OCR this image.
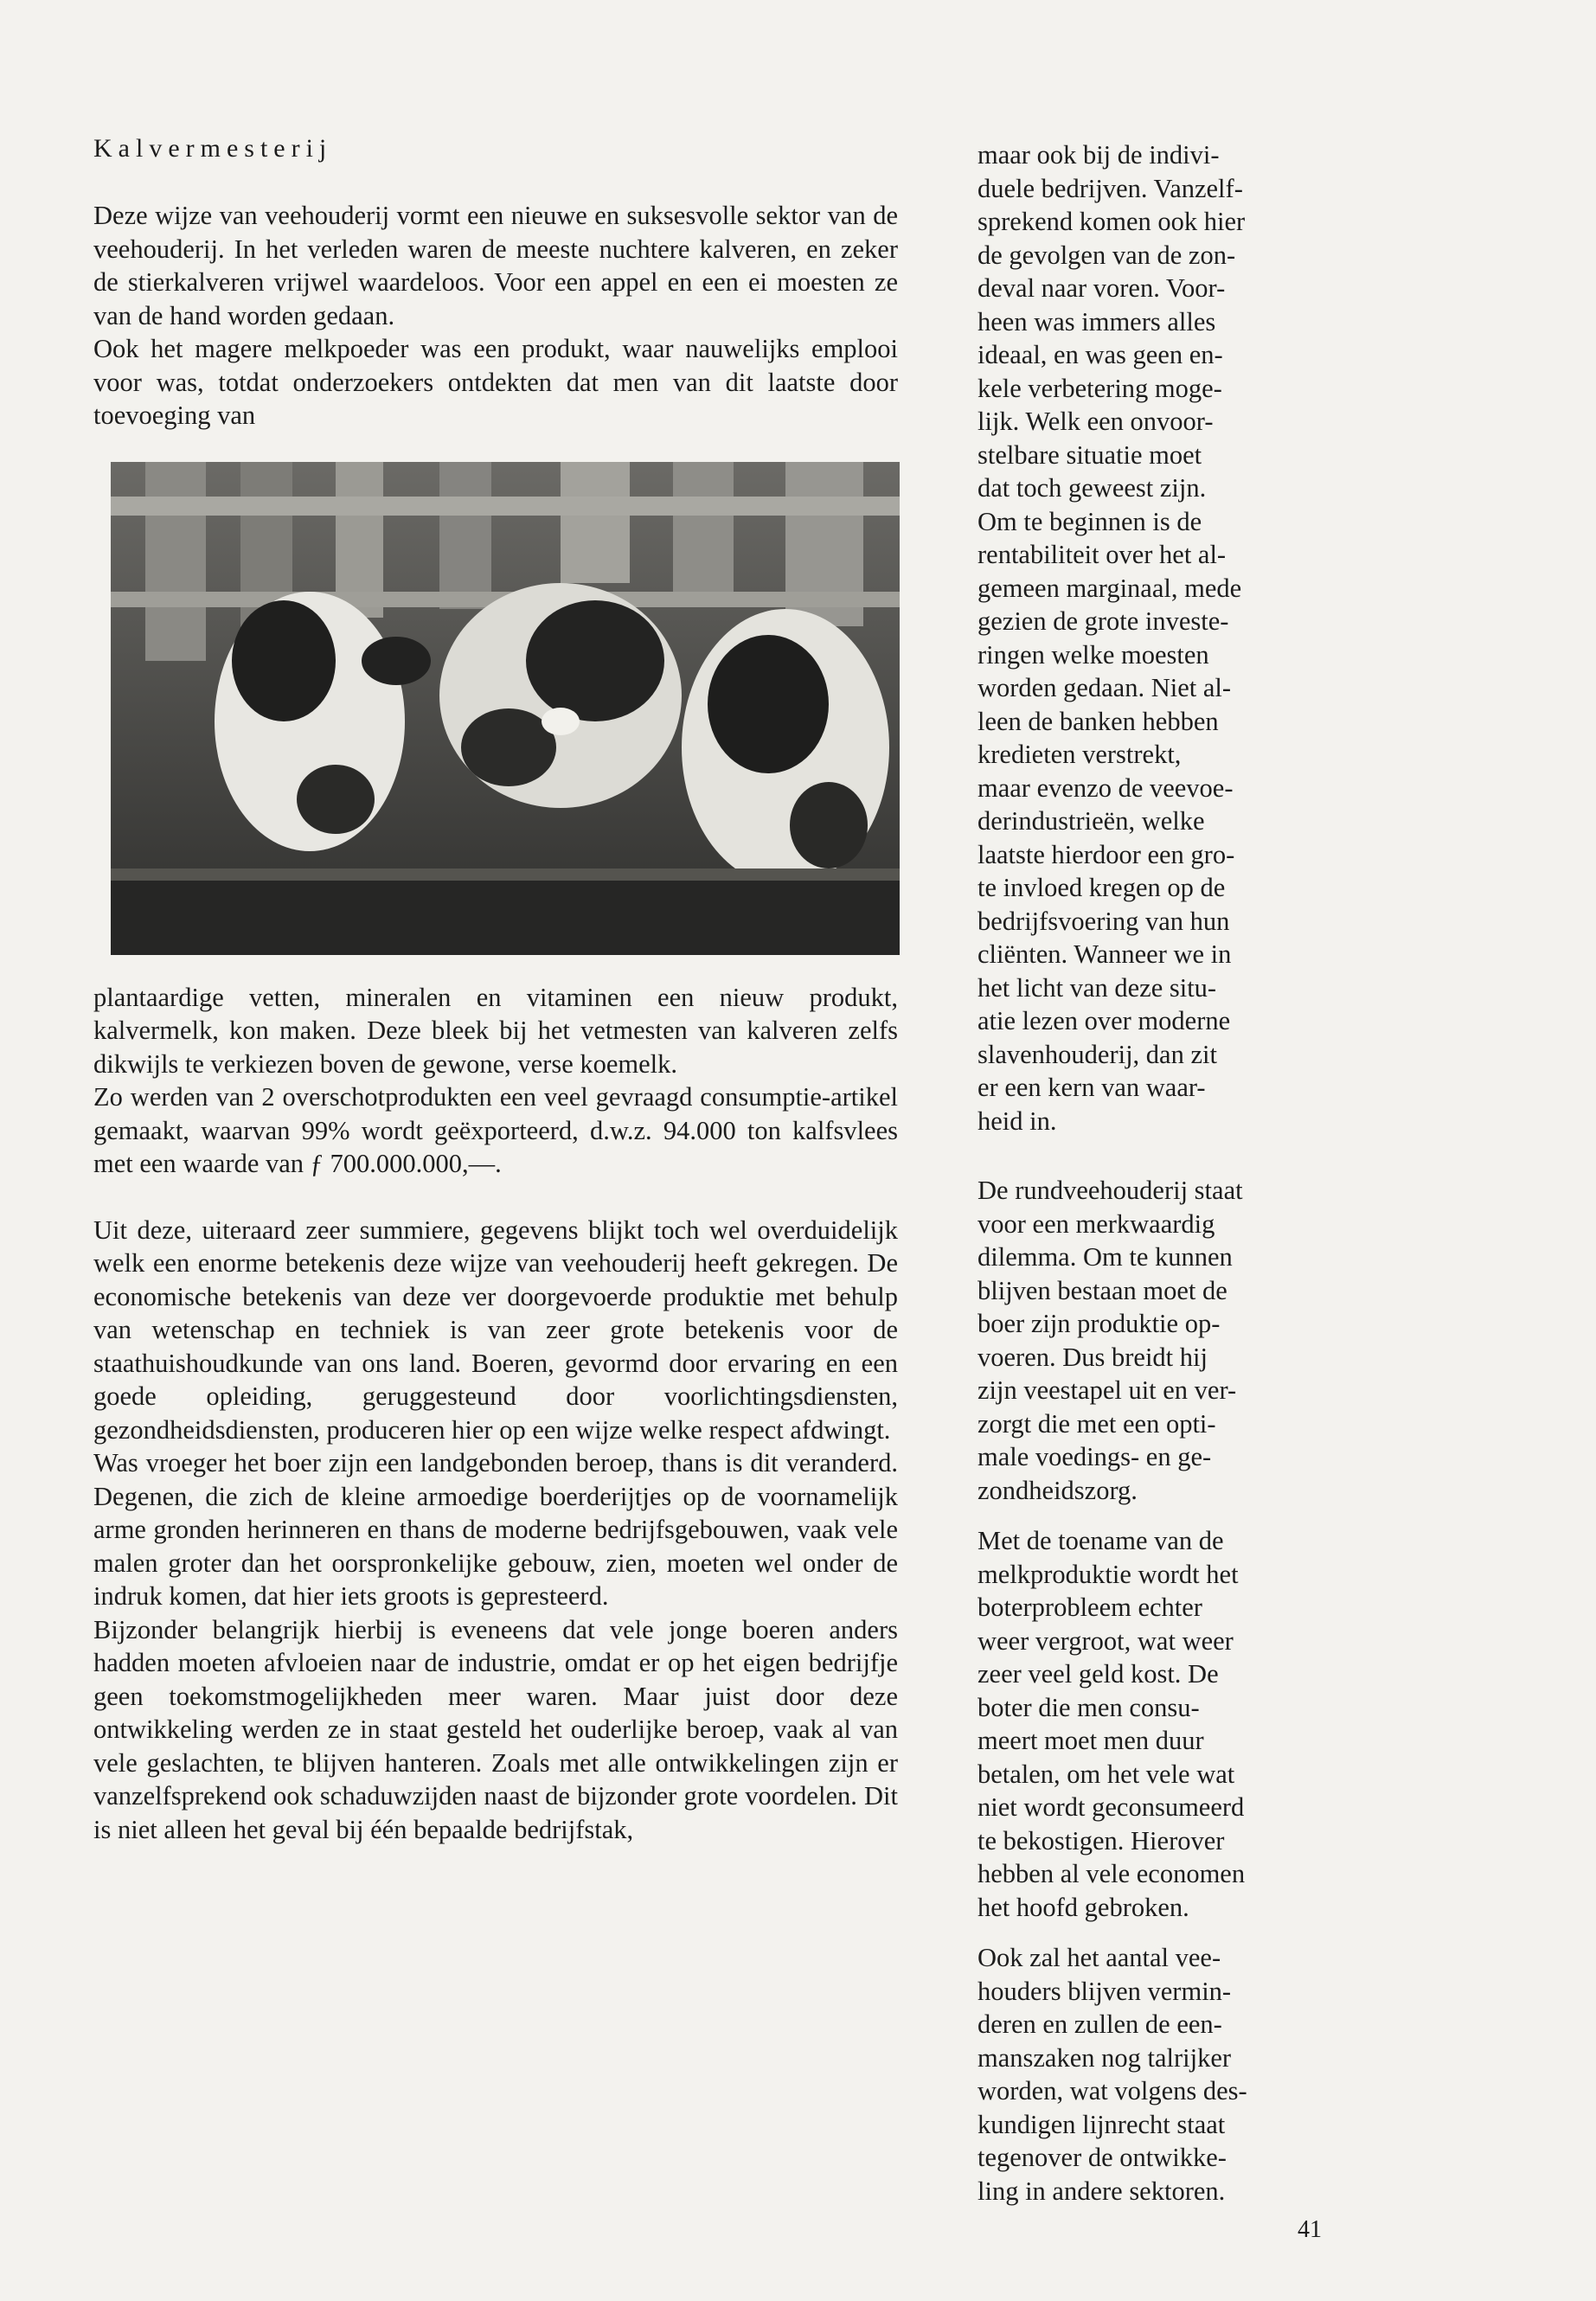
Kalvermesterij

Deze wijze van veehouderij vormt een nieuwe en suksesvolle sektor van de veehouderij. In het verleden waren de meeste nuchtere kalveren, en zeker de stierkalveren vrijwel waardeloos. Voor een appel en een ei moesten ze van de hand worden gedaan.

Ook het magere melkpoeder was een produkt, waar nauwelijks emplooi voor was, totdat onderzoekers ontdekten dat men van dit laatste door toevoeging van

plantaardige vetten, mineralen en vitaminen een nieuw produkt, kalvermelk, kon maken. Deze bleek bij het vetmesten van kalveren zelfs dikwijls te verkiezen boven de gewone, verse koemelk.

Zo werden van 2 overschotprodukten een veel gevraagd consumptie-artikel gemaakt, waarvan 99% wordt geëxporteerd, d.w.z. 94.000 ton kalfsvlees met een waarde van ƒ 700.000.000,—.

Uit deze, uiteraard zeer summiere, gegevens blijkt toch wel overduidelijk welk een enorme betekenis deze wijze van veehouderij heeft gekregen. De economische betekenis van deze ver doorgevoerde produktie met behulp van wetenschap en techniek is van zeer grote betekenis voor de staathuishoudkunde van ons land. Boeren, gevormd door ervaring en een goede opleiding, geruggesteund door voorlichtingsdiensten, gezondheidsdiensten, produceren hier op een wijze welke respect afdwingt.

Was vroeger het boer zijn een landgebonden beroep, thans is dit veranderd. Degenen, die zich de kleine armoedige boerderijtjes op de voornamelijk arme gronden herinneren en thans de moderne bedrijfsgebouwen, vaak vele malen groter dan het oorspronkelijke gebouw, zien, moeten wel onder de indruk komen, dat hier iets groots is gepresteerd.

Bijzonder belangrijk hierbij is eveneens dat vele jonge boeren anders hadden moeten afvloeien naar de industrie, omdat er op het eigen bedrijfje geen toekomstmogelijkheden meer waren. Maar juist door deze ontwikkeling werden ze in staat gesteld het ouderlijke beroep, vaak al van vele geslachten, te blijven hanteren. Zoals met alle ontwikkelingen zijn er vanzelfsprekend ook schaduwzijden naast de bijzonder grote voordelen. Dit is niet alleen het geval bij één bepaalde bedrijfstak,

maar ook bij de indivi-
duele bedrijven. Vanzelf-
sprekend komen ook hier
de gevolgen van de zon-
deval naar voren. Voor-
heen was immers alles
ideaal, en was geen en-
kele verbetering moge-
lijk. Welk een onvoor-
stelbare situatie moet
dat toch geweest zijn.
Om te beginnen is de
rentabiliteit over het al-
gemeen marginaal, mede
gezien de grote investe-
ringen welke moesten
worden gedaan. Niet al-
leen de banken hebben
kredieten verstrekt,
maar evenzo de veevoe-
derindustrieën, welke
laatste hierdoor een gro-
te invloed kregen op de
bedrijfsvoering van hun
cliënten. Wanneer we in
het licht van deze situ-
atie lezen over moderne
slavenhouderij, dan zit
er een kern van waar-
heid in.
De rundveehouderij staat
voor een merkwaardig
dilemma. Om te kunnen
blijven bestaan moet de
boer zijn produktie op-
voeren. Dus breidt hij
zijn veestapel uit en ver-
zorgt die met een opti-
male voedings- en ge-
zondheidszorg.
Met de toename van de
melkproduktie wordt het
boterprobleem echter
weer vergroot, wat weer
zeer veel geld kost. De
boter die men consu-
meert moet men duur
betalen, om het vele wat
niet wordt geconsumeerd
te bekostigen. Hierover
hebben al vele economen
het hoofd gebroken.
Ook zal het aantal vee-
houders blijven vermin-
deren en zullen de een-
manszaken nog talrijker
worden, wat volgens des-
kundigen lijnrecht staat
tegenover de ontwikke-
ling in andere sektoren.
41
